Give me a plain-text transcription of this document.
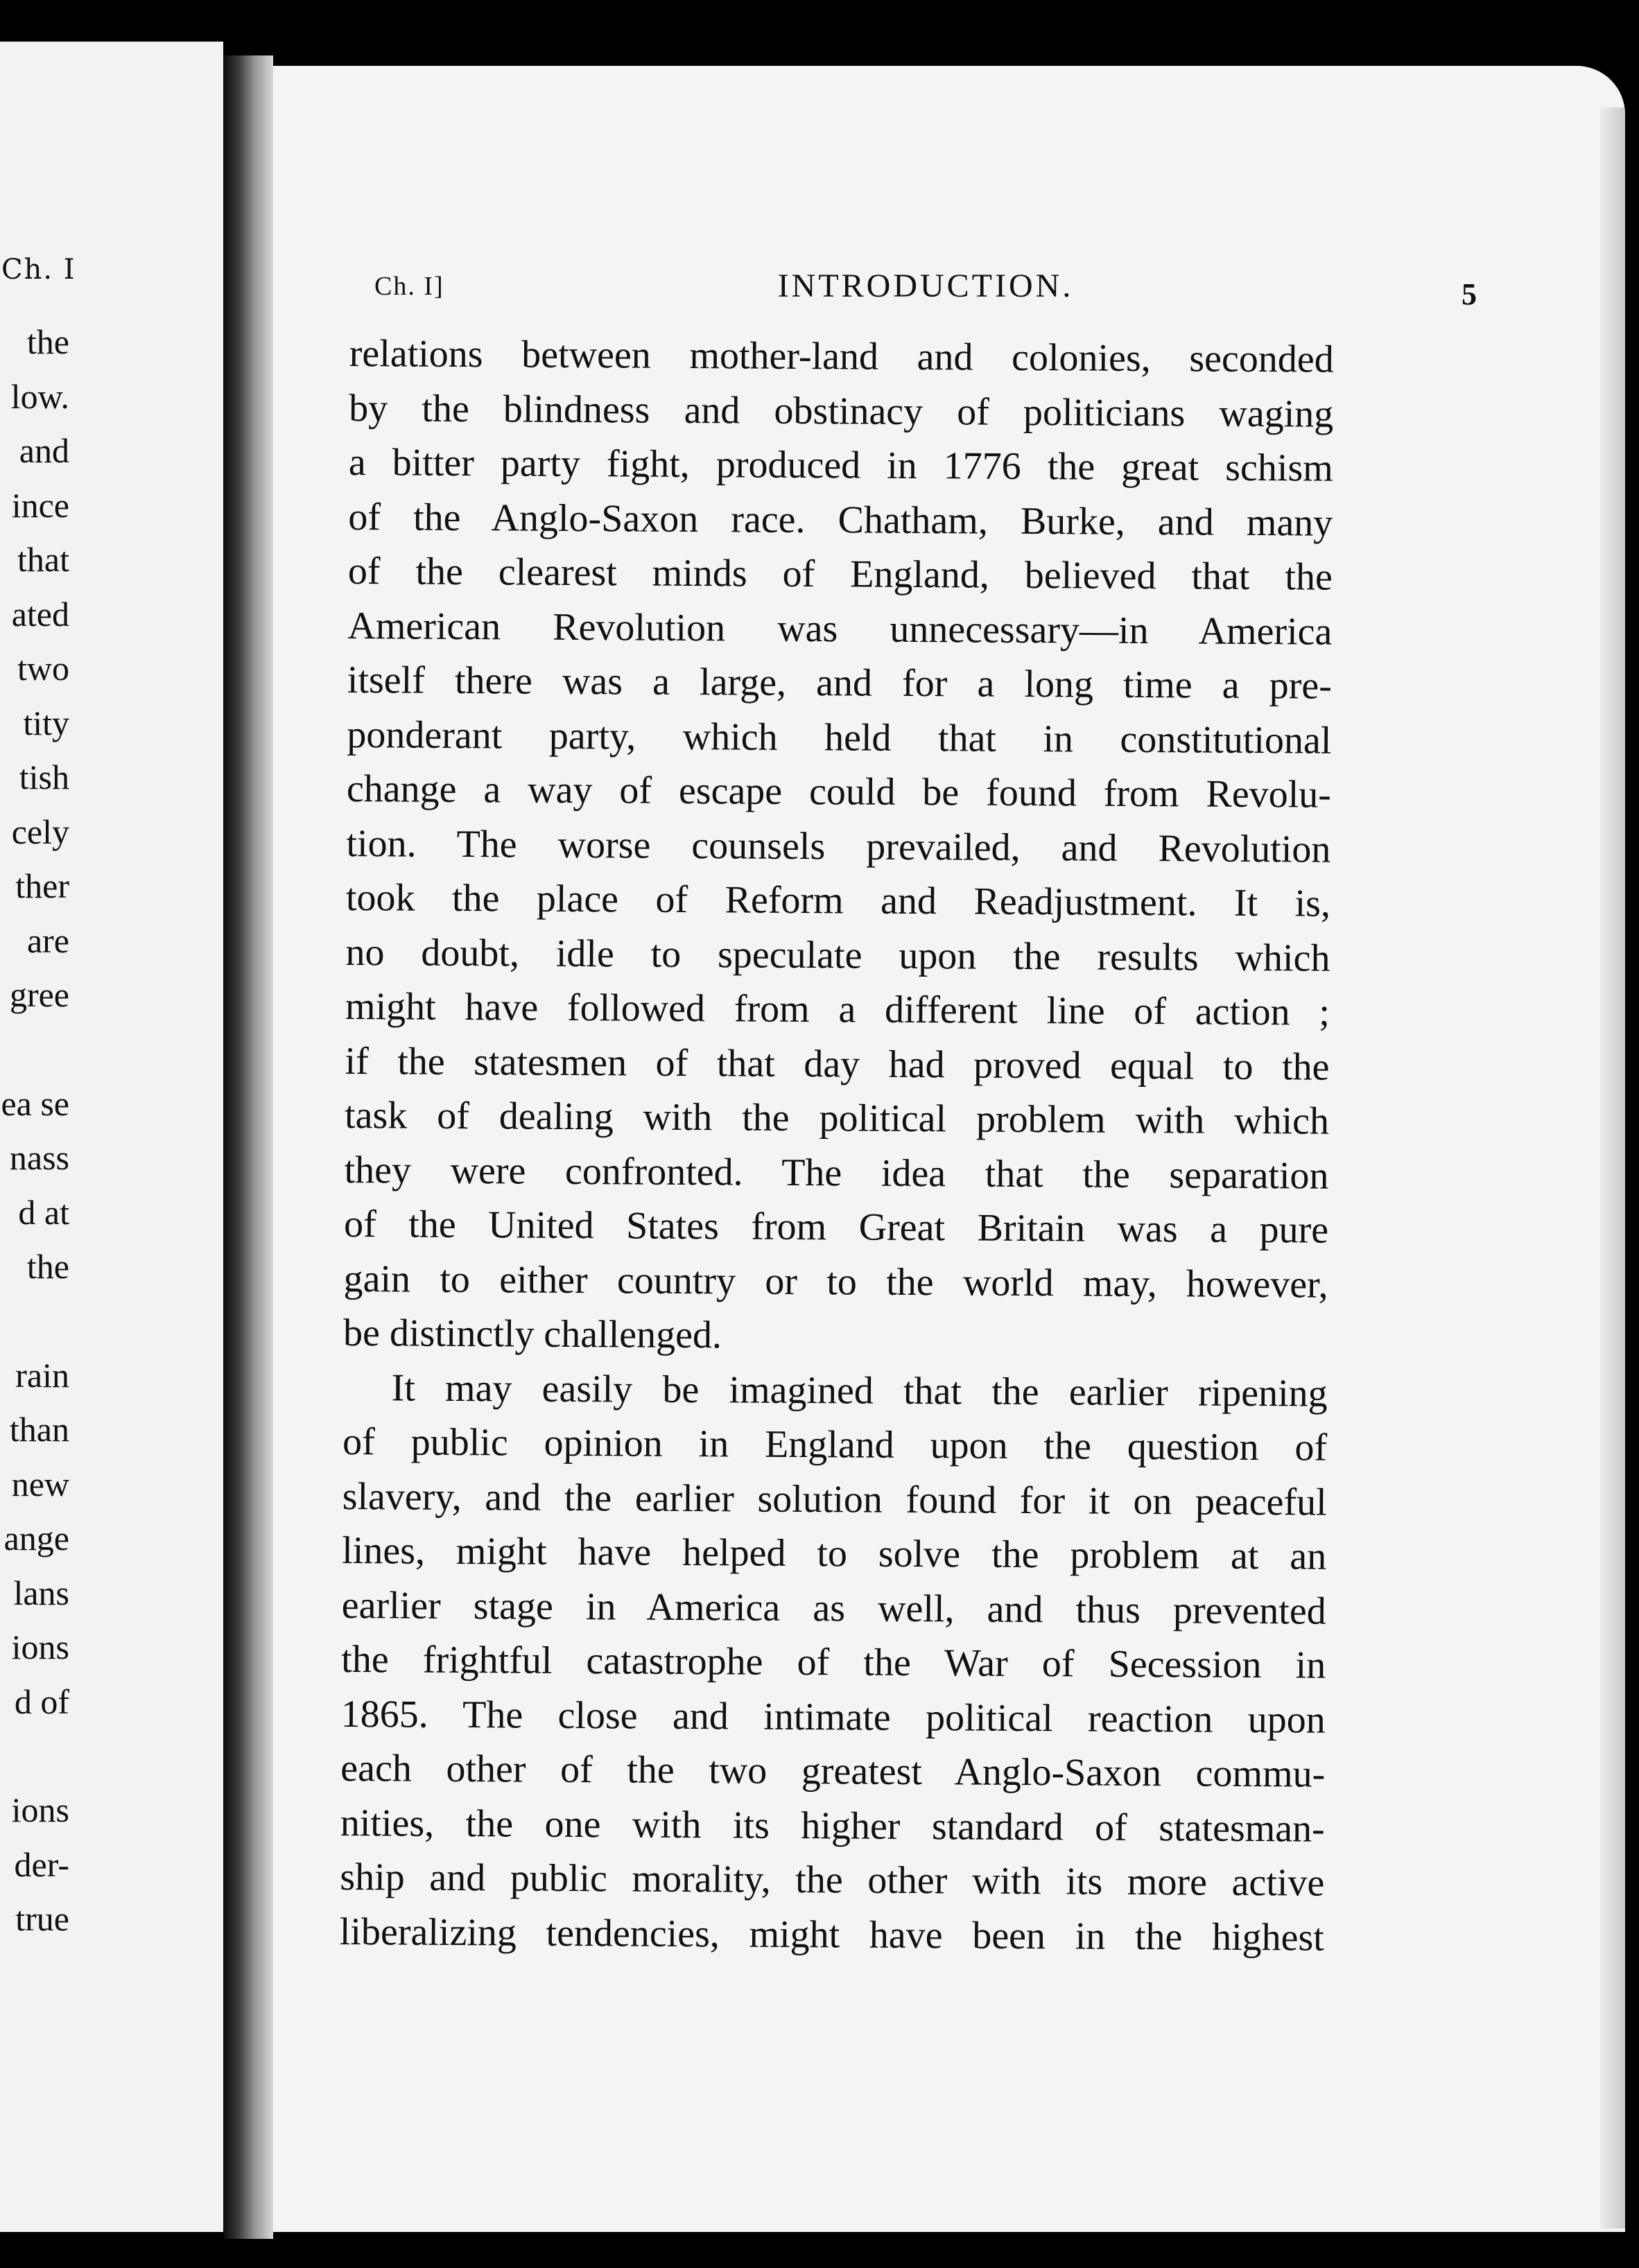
Ch. I
the
low.
and
ince
that
ated
two
tity
tish
cely
ther
are
gree
ea se
nass
d at
the
rain
than
new
ange
lans
ions
d of
ions
der-
true
Ch. I]	INTRODUCTION.	5
relations between mother-land and colonies, seconded
by the blindness and obstinacy of politicians waging
a bitter party fight, produced in 1776 the great schism
of the Anglo-Saxon race. Chatham, Burke, and many
of the clearest minds of England, believed that the
American Revolution was unnecessary—in America
itself there was a large, and for a long time a pre-
ponderant party, which held that in constitutional
change a way of escape could be found from Revolu-
tion. The worse counsels prevailed, and Revolution
took the place of Reform and Readjustment. It is,
no doubt, idle to speculate upon the results which
might have followed from a different line of action ;
if the statesmen of that day had proved equal to the
task of dealing with the political problem with which
they were confronted. The idea that the separation
of the United States from Great Britain was a pure
gain to either country or to the world may, however,
be distinctly challenged.
It may easily be imagined that the earlier ripening
of public opinion in England upon the question of
slavery, and the earlier solution found for it on peaceful
lines, might have helped to solve the problem at an
earlier stage in America as well, and thus prevented
the frightful catastrophe of the War of Secession in
1865. The close and intimate political reaction upon
each other of the two greatest Anglo-Saxon commu-
nities, the one with its higher standard of statesman-
ship and public morality, the other with its more active
liberalizing tendencies, might have been in the highest
